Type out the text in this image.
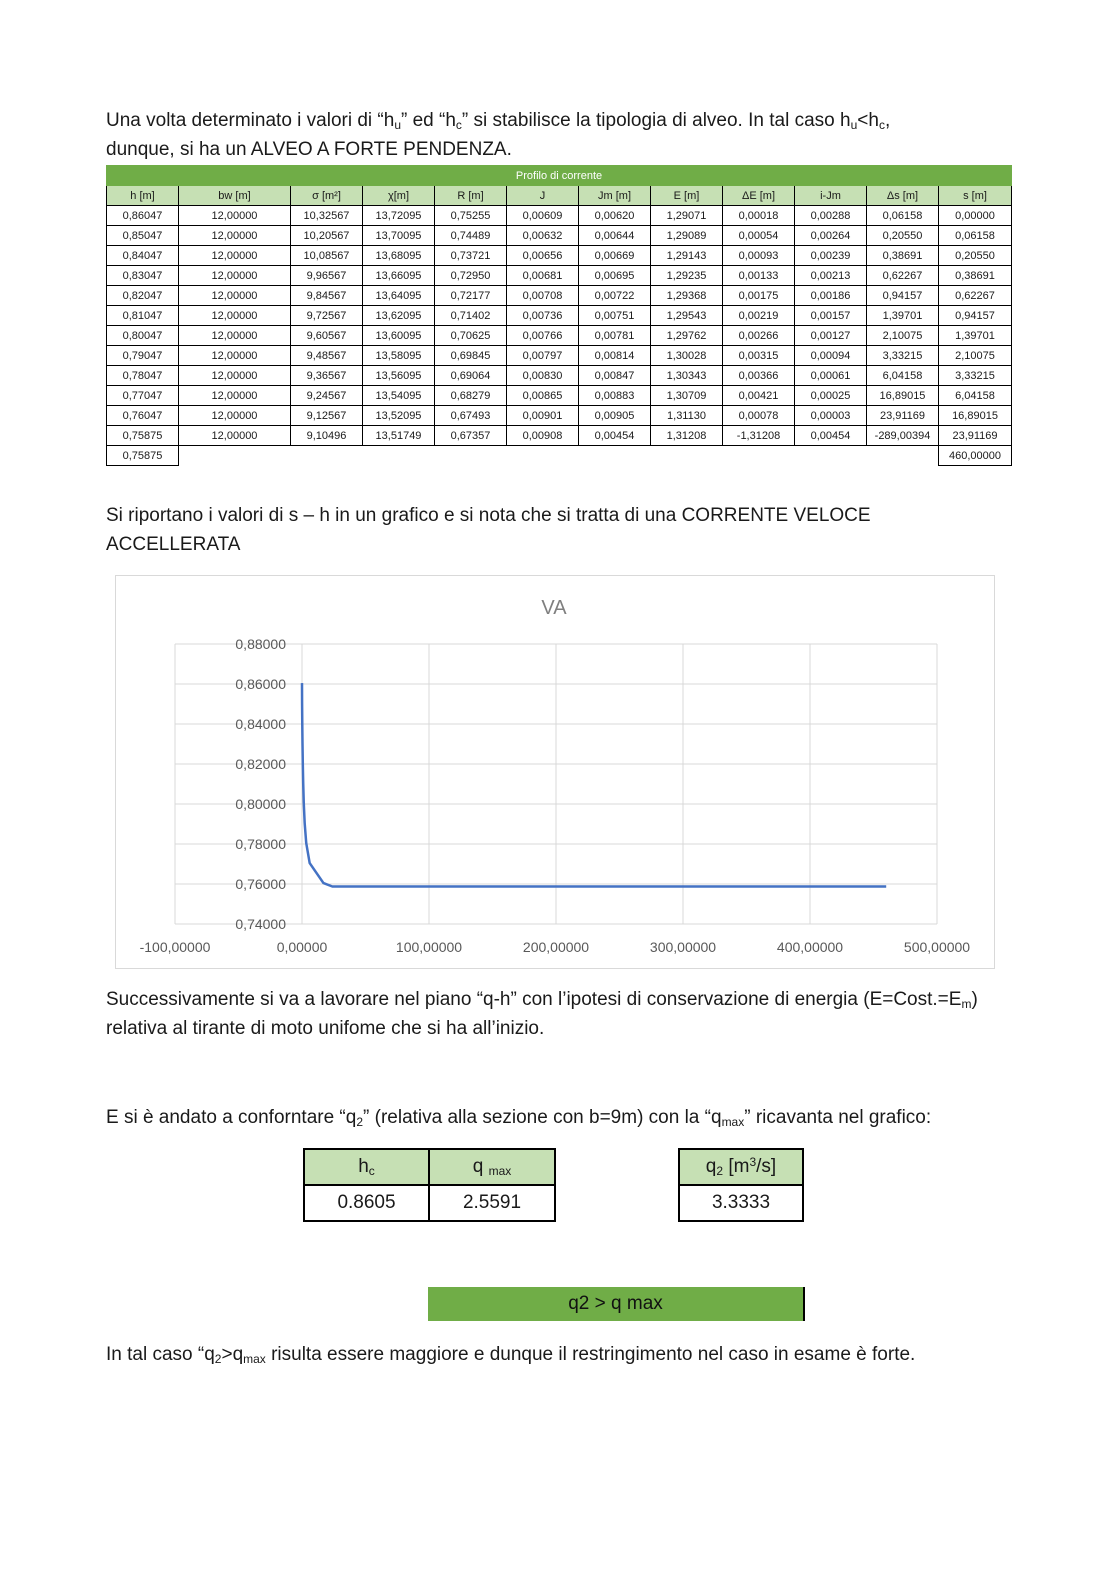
Una volta determinato i valori di “$h_u$” ed “$h_c$” si stabilisce la tipologia di alveo. In tal caso $h_u<h_c$,
dunque, si ha un ALVEO A FORTE PENDENZA.
Profilo di corrente											
h [m]	bw [m]	σ [m²]	χ[m]	R [m]	J	Jm [m]	E [m]	ΔE [m]	i-Jm	Δs [m]	s [m]
0,86047	12,00000	10,32567	13,72095	0,75255	0,00609	0,00620	1,29071	0,00018	0,00288	0,06158	0,00000
0,85047	12,00000	10,20567	13,70095	0,74489	0,00632	0,00644	1,29089	0,00054	0,00264	0,20550	0,06158
0,84047	12,00000	10,08567	13,68095	0,73721	0,00656	0,00669	1,29143	0,00093	0,00239	0,38691	0,20550
0,83047	12,00000	9,96567	13,66095	0,72950	0,00681	0,00695	1,29235	0,00133	0,00213	0,62267	0,38691
0,82047	12,00000	9,84567	13,64095	0,72177	0,00708	0,00722	1,29368	0,00175	0,00186	0,94157	0,62267
0,81047	12,00000	9,72567	13,62095	0,71402	0,00736	0,00751	1,29543	0,00219	0,00157	1,39701	0,94157
0,80047	12,00000	9,60567	13,60095	0,70625	0,00766	0,00781	1,29762	0,00266	0,00127	2,10075	1,39701
0,79047	12,00000	9,48567	13,58095	0,69845	0,00797	0,00814	1,30028	0,00315	0,00094	3,33215	2,10075
0,78047	12,00000	9,36567	13,56095	0,69064	0,00830	0,00847	1,30343	0,00366	0,00061	6,04158	3,33215
0,77047	12,00000	9,24567	13,54095	0,68279	0,00865	0,00883	1,30709	0,00421	0,00025	16,89015	6,04158
0,76047	12,00000	9,12567	13,52095	0,67493	0,00901	0,00905	1,31130	0,00078	0,00003	23,91169	16,89015
0,75875	12,00000	9,10496	13,51749	0,67357	0,00908	0,00454	1,31208	-1,31208	0,00454	-289,00394	23,91169
0,75875											460,00000
Si riportano i valori di s – h in un grafico e si nota che si tratta di una CORRENTE VELOCE ACCELLERATA
VA
0,74000
0,76000
0,78000
0,80000
0,82000
0,84000
0,86000
0,88000
-100,00000	0,00000	100,00000	200,00000	300,00000	400,00000	500,00000
Successivamente si va a lavorare nel piano “q-h” con l’ipotesi di conservazione di energia $(E=Cost.=E_m)$ relativa al tirante di moto unifome che si ha all’inizio.
E si è andato a conforntare “$q_2$” (relativa alla sezione con b=9m) con la “$q_{max}$” ricavanta nel grafico:
$h_c$	q $_{max}$
0.8605	2.5591
$q_2$ $[m^3/s]$
3.3333
q2 > q max
In tal caso “$q_2>q_{max}$ risulta essere maggiore e dunque il restringimento nel caso in esame è forte.
